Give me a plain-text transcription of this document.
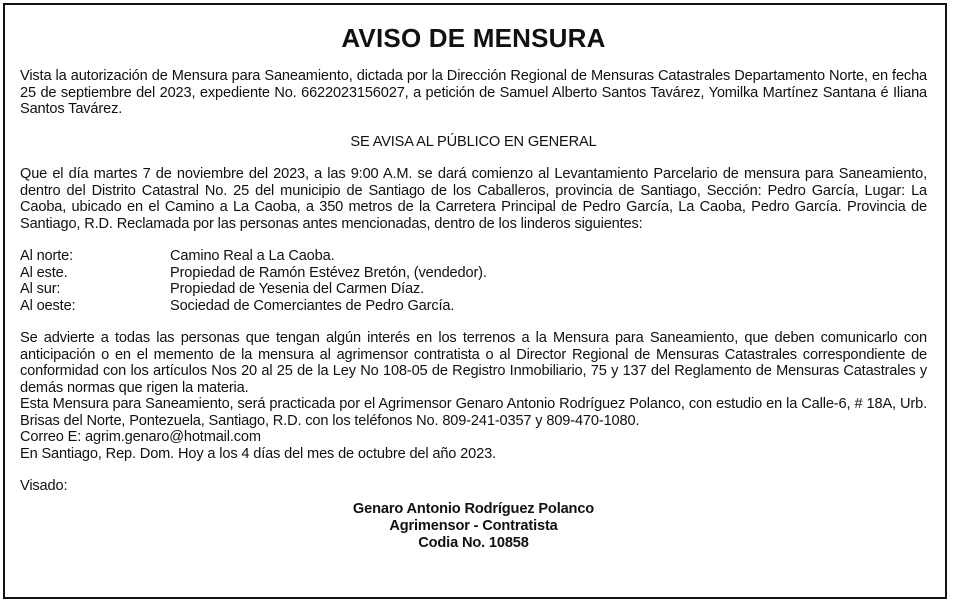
AVISO DE MENSURA

Vista la autorización de Mensura para Saneamiento, dictada por la Dirección Regional de Mensuras Catastrales Departamento Norte, en fecha 25 de septiembre del 2023, expediente No. 6622023156027, a petición de Samuel Alberto Santos Tavárez, Yomilka Martínez Santana é Iliana Santos Tavárez.

SE AVISA AL PÚBLICO EN GENERAL

Que el día martes 7 de noviembre del 2023, a las 9:00 A.M. se dará comienzo al Levantamiento Parcelario de mensura para Saneamiento, dentro del Distrito Catastral No. 25 del municipio de Santiago de los Caballeros, provincia de Santiago, Sección: Pedro García, Lugar: La Caoba, ubicado en el Camino a La Caoba, a 350 metros de la Carretera Principal de Pedro García, La Caoba, Pedro García. Provincia de Santiago, R.D. Reclamada por las personas antes mencionadas, dentro de los linderos siguientes:

Al norte:	Camino Real a La Caoba.
Al este.	Propiedad de Ramón Estévez Bretón, (vendedor).
Al sur:	Propiedad de Yesenia del Carmen Díaz.
Al oeste:	Sociedad de Comerciantes de Pedro García.

Se advierte a todas las personas que tengan algún interés en los terrenos a la Mensura para Saneamiento, que deben comunicarlo con anticipación o en el memento de la mensura al agrimensor contratista o al Director Regional de Mensuras Catastrales correspondiente de conformidad con los artículos Nos 20 al 25 de la Ley No 108-05 de Registro Inmobiliario, 75 y 137 del Reglamento de Mensuras Catastrales y demás normas que rigen la materia.

Esta Mensura para Saneamiento, será practicada por el Agrimensor Genaro Antonio Rodríguez Polanco, con estudio en la Calle-6, # 18A, Urb. Brisas del Norte, Pontezuela, Santiago, R.D. con los teléfonos No. 809-241-0357 y 809-470-1080.

Correo E: agrim.genaro@hotmail.com

En Santiago, Rep. Dom. Hoy a los 4 días del mes de octubre del año 2023.

Visado:

Genaro Antonio Rodríguez Polanco
Agrimensor - Contratista
Codia No. 10858
